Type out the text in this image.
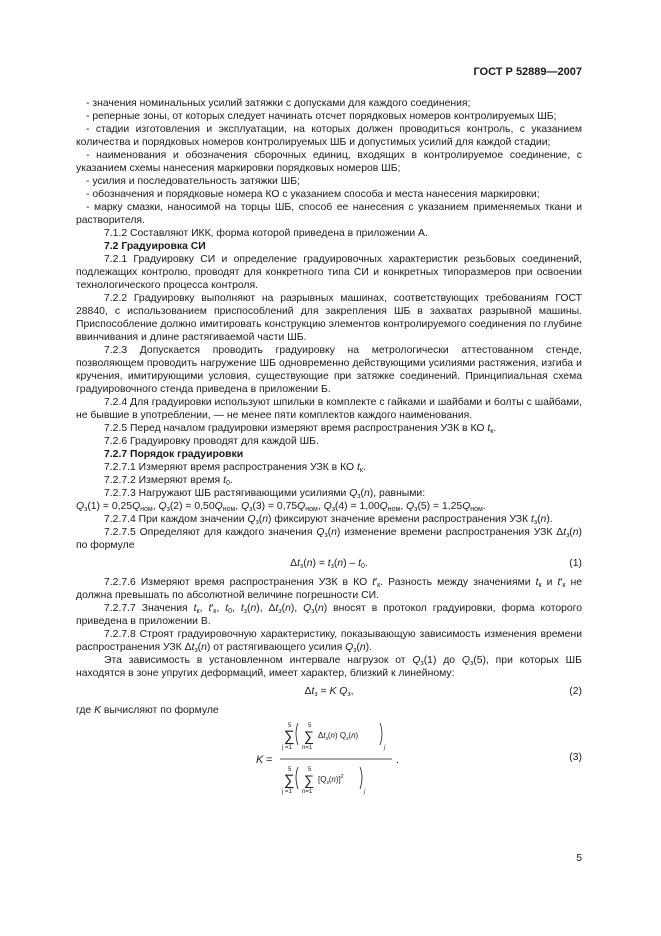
ГОСТ Р 52889—2007

- значения номинальных усилий затяжки с допусками для каждого соединения;

- реперные зоны, от которых следует начинать отсчет порядковых номеров контролируемых ШБ;

- стадии изготовления и эксплуатации, на которых должен проводиться контроль, с указанием количества и порядковых номеров контролируемых ШБ и допустимых усилий для каждой стадии;

- наименования и обозначения сборочных единиц, входящих в контролируемое соединение, с указанием схемы нанесения маркировки порядковых номеров ШБ;

- усилия и последовательность затяжки ШБ;

- обозначения и порядковые номера КО с указанием способа и места нанесения маркировки;

- марку смазки, наносимой на торцы ШБ, способ ее нанесения с указанием применяемых ткани и растворителя.

7.1.2 Составляют ИКК, форма которой приведена в приложении А.

7.2 Градуировка СИ

7.2.1 Градуировку СИ и определение градуировочных характеристик резьбовых соединений, подлежащих контролю, проводят для конкретного типа СИ и конкретных типоразмеров при освоении технологического процесса контроля.

7.2.2 Градуировку выполняют на разрывных машинах, соответствующих требованиям ГОСТ 28840, с использованием приспособлений для закрепления ШБ в захватах разрывной машины. Приспособление должно имитировать конструкцию элементов контролируемого соединения по глубине ввинчивания и длине растягиваемой части ШБ.

7.2.3 Допускается проводить градуировку на метрологически аттестованном стенде, позволяющем проводить нагружение ШБ одновременно действующими усилиями растяжения, изгиба и кручения, имитирующими условия, существующие при затяжке соединений. Принципиальная схема градуировочного стенда приведена в приложении Б.

7.2.4 Для градуировки используют шпильки в комплекте с гайками и шайбами и болты с шайбами, не бывшие в употреблении, — не менее пяти комплектов каждого наименования.

7.2.5 Перед началом градуировки измеряют время распространения УЗК в КО $t_к$.

7.2.6 Градуировку проводят для каждой ШБ.

7.2.7 Порядок градуировки

7.2.7.1 Измеряют время распространения УЗК в КО $t_к$.

7.2.7.2 Измеряют время $t_0$.

7.2.7.3 Нагружают ШБ растягивающими усилиями $Q_з(n)$, равными:

$Q_з(1) = 0,25Q_{ном}$, $Q_з(2) = 0,50Q_{ном}$, $Q_з(3) = 0,75Q_{ном}$, $Q_з(4) = 1,00Q_{ном}$, $Q_з(5) = 1,25Q_{ном}$.

7.2.7.4 При каждом значении $Q_з(n)$ фиксируют значение времени распространения УЗК $t_з(n)$.

7.2.7.5 Определяют для каждого значения $Q_з(n)$ изменение времени распространения УЗК $\Delta t_з(n)$ по формуле

$\Delta t_з(n) = t_з(n) - t_0$.	(1)

7.2.7.6 Измеряют время распространения УЗК в КО $t'_к$. Разность между значениями $t_к$ и $t'_к$ не должна превышать по абсолютной величине погрешности СИ.

7.2.7.7 Значения $t_к$, $t'_к$, $t_0$, $t_з(n)$, $\Delta t_з(n)$, $Q_з(n)$ вносят в протокол градуировки, форма которого приведена в приложении В.

7.2.7.8 Строят градуировочную характеристику, показывающую зависимость изменения времени распространения УЗК $\Delta t_з(n)$ от растягивающего усилия $Q_з(n)$.

Эта зависимость в установленном интервале нагрузок от $Q_з(1)$ до $Q_з(5)$, при которых ШБ находятся в зоне упругих деформаций, имеет характер, близкий к линейному:

$\Delta t_з = K$ $Q_з$,	(2)

где K вычисляют по формуле

K =
5
∑
j =1
5
∑
n=1
$\Delta t_з(n)$ $Q_з(n)$
j
5
∑
j =1
5
∑
n=1
$[Q_з(n)]^2$
j
.	(3)
5
